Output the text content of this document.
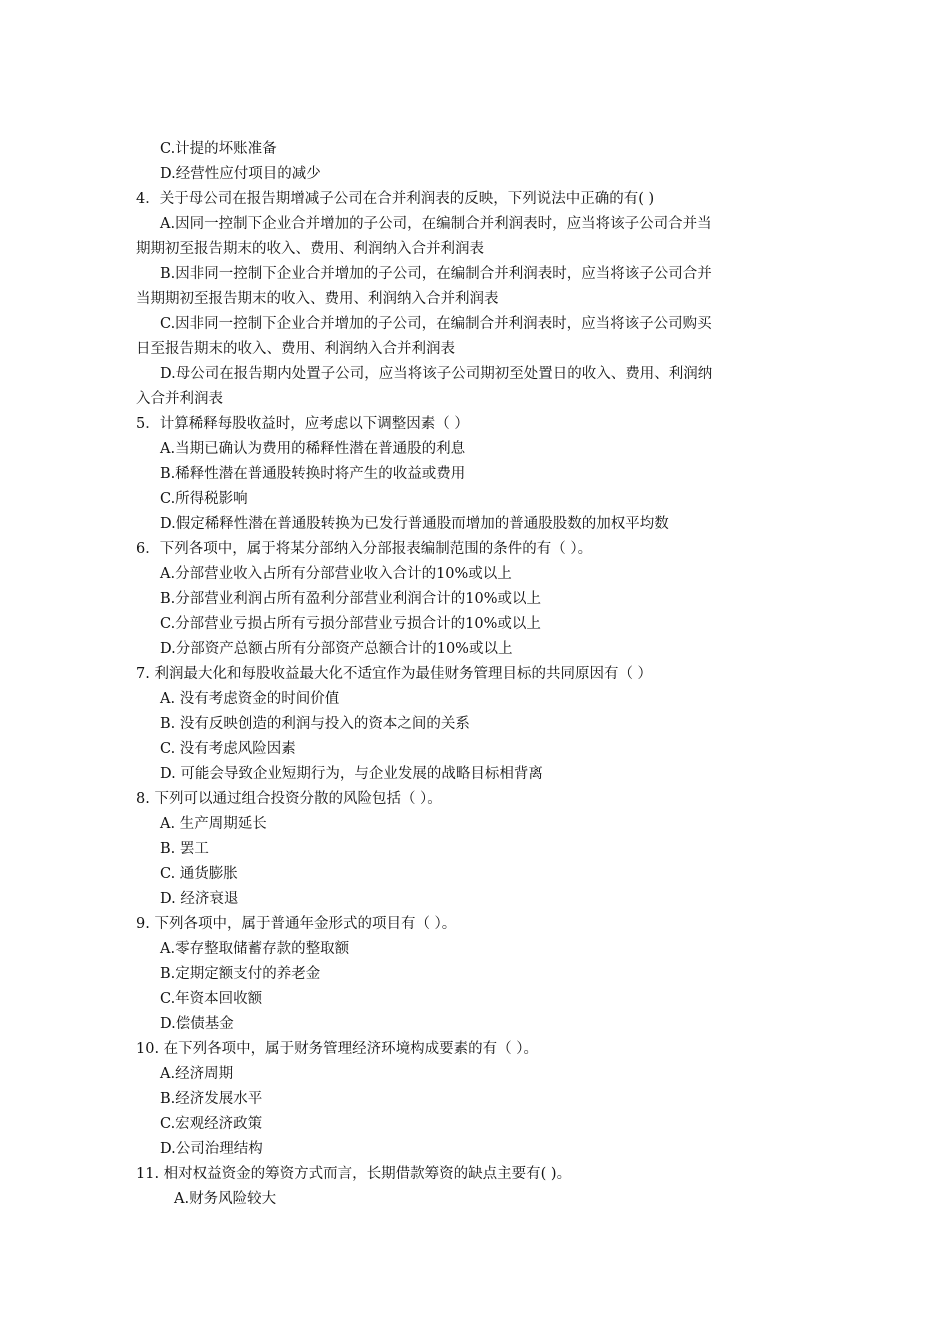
C.计提的坏账准备
D.经营性应付项目的减少
4．关于母公司在报告期增减子公司在合并利润表的反映，下列说法中正确的有( )
A.因同一控制下企业合并增加的子公司，在编制合并利润表时，应当将该子公司合并当
期期初至报告期末的收入、费用、利润纳入合并利润表
B.因非同一控制下企业合并增加的子公司，在编制合并利润表时，应当将该子公司合并
当期期初至报告期末的收入、费用、利润纳入合并利润表
C.因非同一控制下企业合并增加的子公司，在编制合并利润表时，应当将该子公司购买
日至报告期末的收入、费用、利润纳入合并利润表
D.母公司在报告期内处置子公司，应当将该子公司期初至处置日的收入、费用、利润纳
入合并利润表
5．计算稀释每股收益时，应考虑以下调整因素（ ）
A.当期已确认为费用的稀释性潜在普通股的利息
B.稀释性潜在普通股转换时将产生的收益或费用
C.所得税影响
D.假定稀释性潜在普通股转换为已发行普通股而增加的普通股股数的加权平均数
6．下列各项中，属于将某分部纳入分部报表编制范围的条件的有（ ）。
A.分部营业收入占所有分部营业收入合计的10%或以上
B.分部营业利润占所有盈利分部营业利润合计的10%或以上
C.分部营业亏损占所有亏损分部营业亏损合计的10%或以上
D.分部资产总额占所有分部资产总额合计的10%或以上
7. 利润最大化和每股收益最大化不适宜作为最佳财务管理目标的共同原因有（ ）
A. 没有考虑资金的时间价值
B. 没有反映创造的利润与投入的资本之间的关系
C. 没有考虑风险因素
D. 可能会导致企业短期行为，与企业发展的战略目标相背离
8. 下列可以通过组合投资分散的风险包括（ ）。
A. 生产周期延长
B. 罢工
C. 通货膨胀
D. 经济衰退
9. 下列各项中，属于普通年金形式的项目有（ ）。
A.零存整取储蓄存款的整取额
B.定期定额支付的养老金
C.年资本回收额
D.偿债基金
10. 在下列各项中，属于财务管理经济环境构成要素的有（ ）。
A.经济周期
B.经济发展水平
C.宏观经济政策
D.公司治理结构
11. 相对权益资金的筹资方式而言，长期借款筹资的缺点主要有( )。
A.财务风险较大
